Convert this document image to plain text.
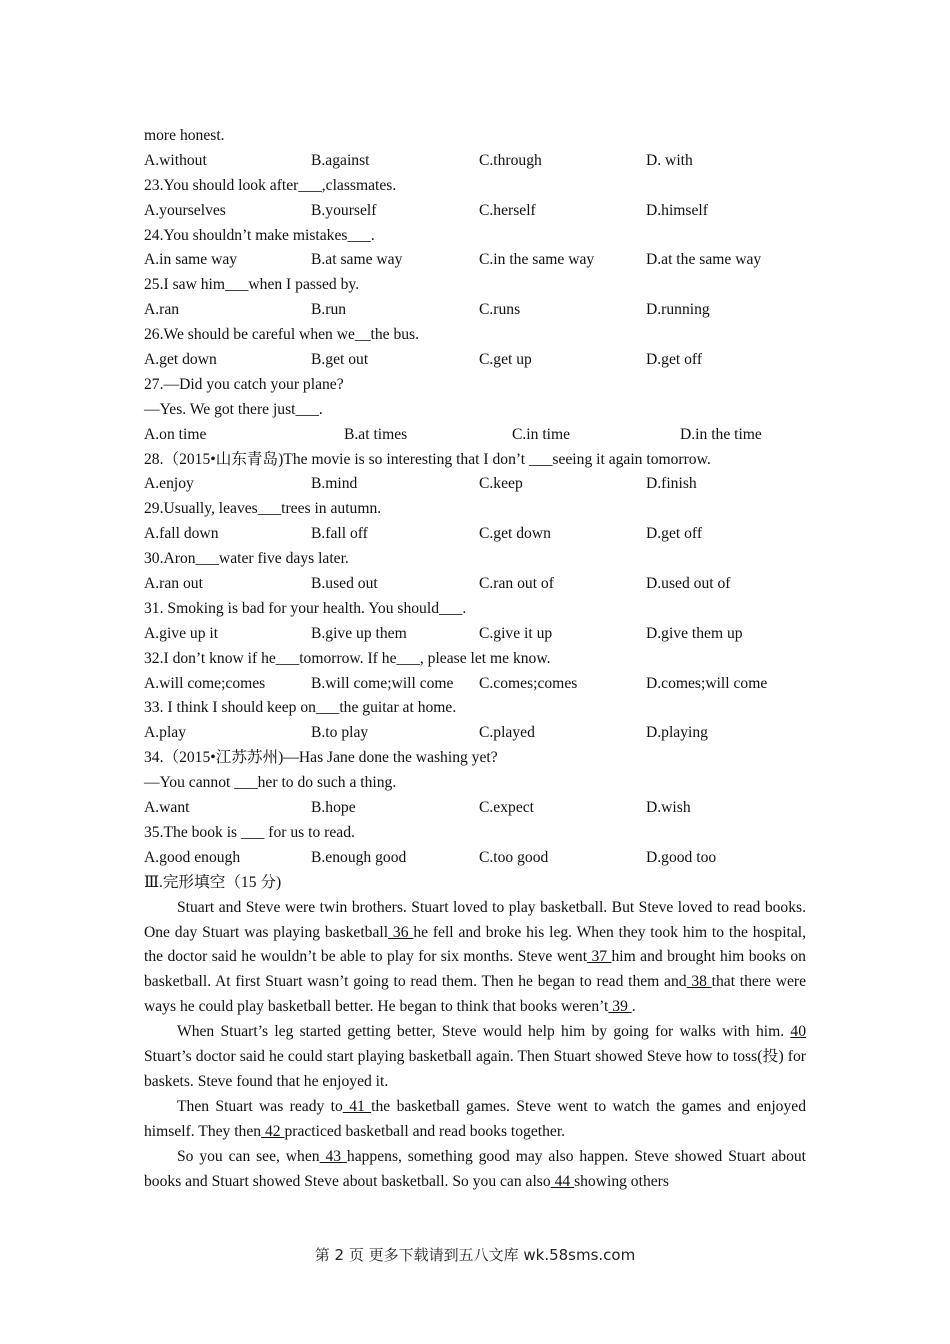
more honest.
A.without	B.against	C.through	D. with
23.You should look after___,classmates.
A.yourselves	B.yourself	C.herself	D.himself
24.You shouldn’t make mistakes___.
A.in same way	B.at same way	C.in the same way	D.at the same way
25.I saw him___when I passed by.
A.ran	B.run	C.runs	D.running
26.We should be careful when we__the bus.
A.get down	B.get out	C.get up	D.get off
27.—Did you catch your plane?
—Yes. We got there just___.
A.on time	B.at times	C.in time	D.in the time
28.（2015•山东青岛)The movie is so interesting that I don’t ___seeing it again tomorrow.
A.enjoy	B.mind	C.keep	D.finish
29.Usually, leaves___trees in autumn.
A.fall down	B.fall off	C.get down	D.get off
30.Aron___water five days later.
A.ran out	B.used out	C.ran out of	D.used out of
31. Smoking is bad for your health. You should___.
A.give up it	B.give up them	C.give it up	D.give them up
32.I don’t know if he___tomorrow. If he___, please let me know.
A.will come;comes	B.will come;will come C.comes;comes	D.comes;will come
33. I think I should keep on___the guitar at home.
A.play	B.to play	C.played	D.playing
34.（2015•江苏苏州)—Has Jane done the washing yet?
—You cannot ___her to do such a thing.
A.want	B.hope	C.expect	D.wish
35.The book is ___ for us to read.
A.good enough	B.enough good	C.too good	D.good too
Ⅲ.完形填空（15 分)

Stuart and Steve were twin brothers. Stuart loved to play basketball. But Steve loved to read books. One day Stuart was playing basketball 36 he fell and broke his leg. When they took him to the hospital, the doctor said he wouldn’t be able to play for six months. Steve went 37 him and brought him books on basketball. At first Stuart wasn’t going to read them. Then he began to read them and 38 that there were ways he could play basketball better. He began to think that books weren’t 39 .

When Stuart’s leg started getting better, Steve would help him by going for walks with him. 40 Stuart’s doctor said he could start playing basketball again. Then Stuart showed Steve how to toss(投) for baskets. Steve found that he enjoyed it.

Then Stuart was ready to 41 the basketball games. Steve went to watch the games and enjoyed himself. They then 42 practiced basketball and read books together.

So you can see, when 43 happens, something good may also happen. Steve showed Stuart about books and Stuart showed Steve about basketball. So you can also 44 showing others

第 2 页 更多下载请到五八文库 wk.58sms.com
